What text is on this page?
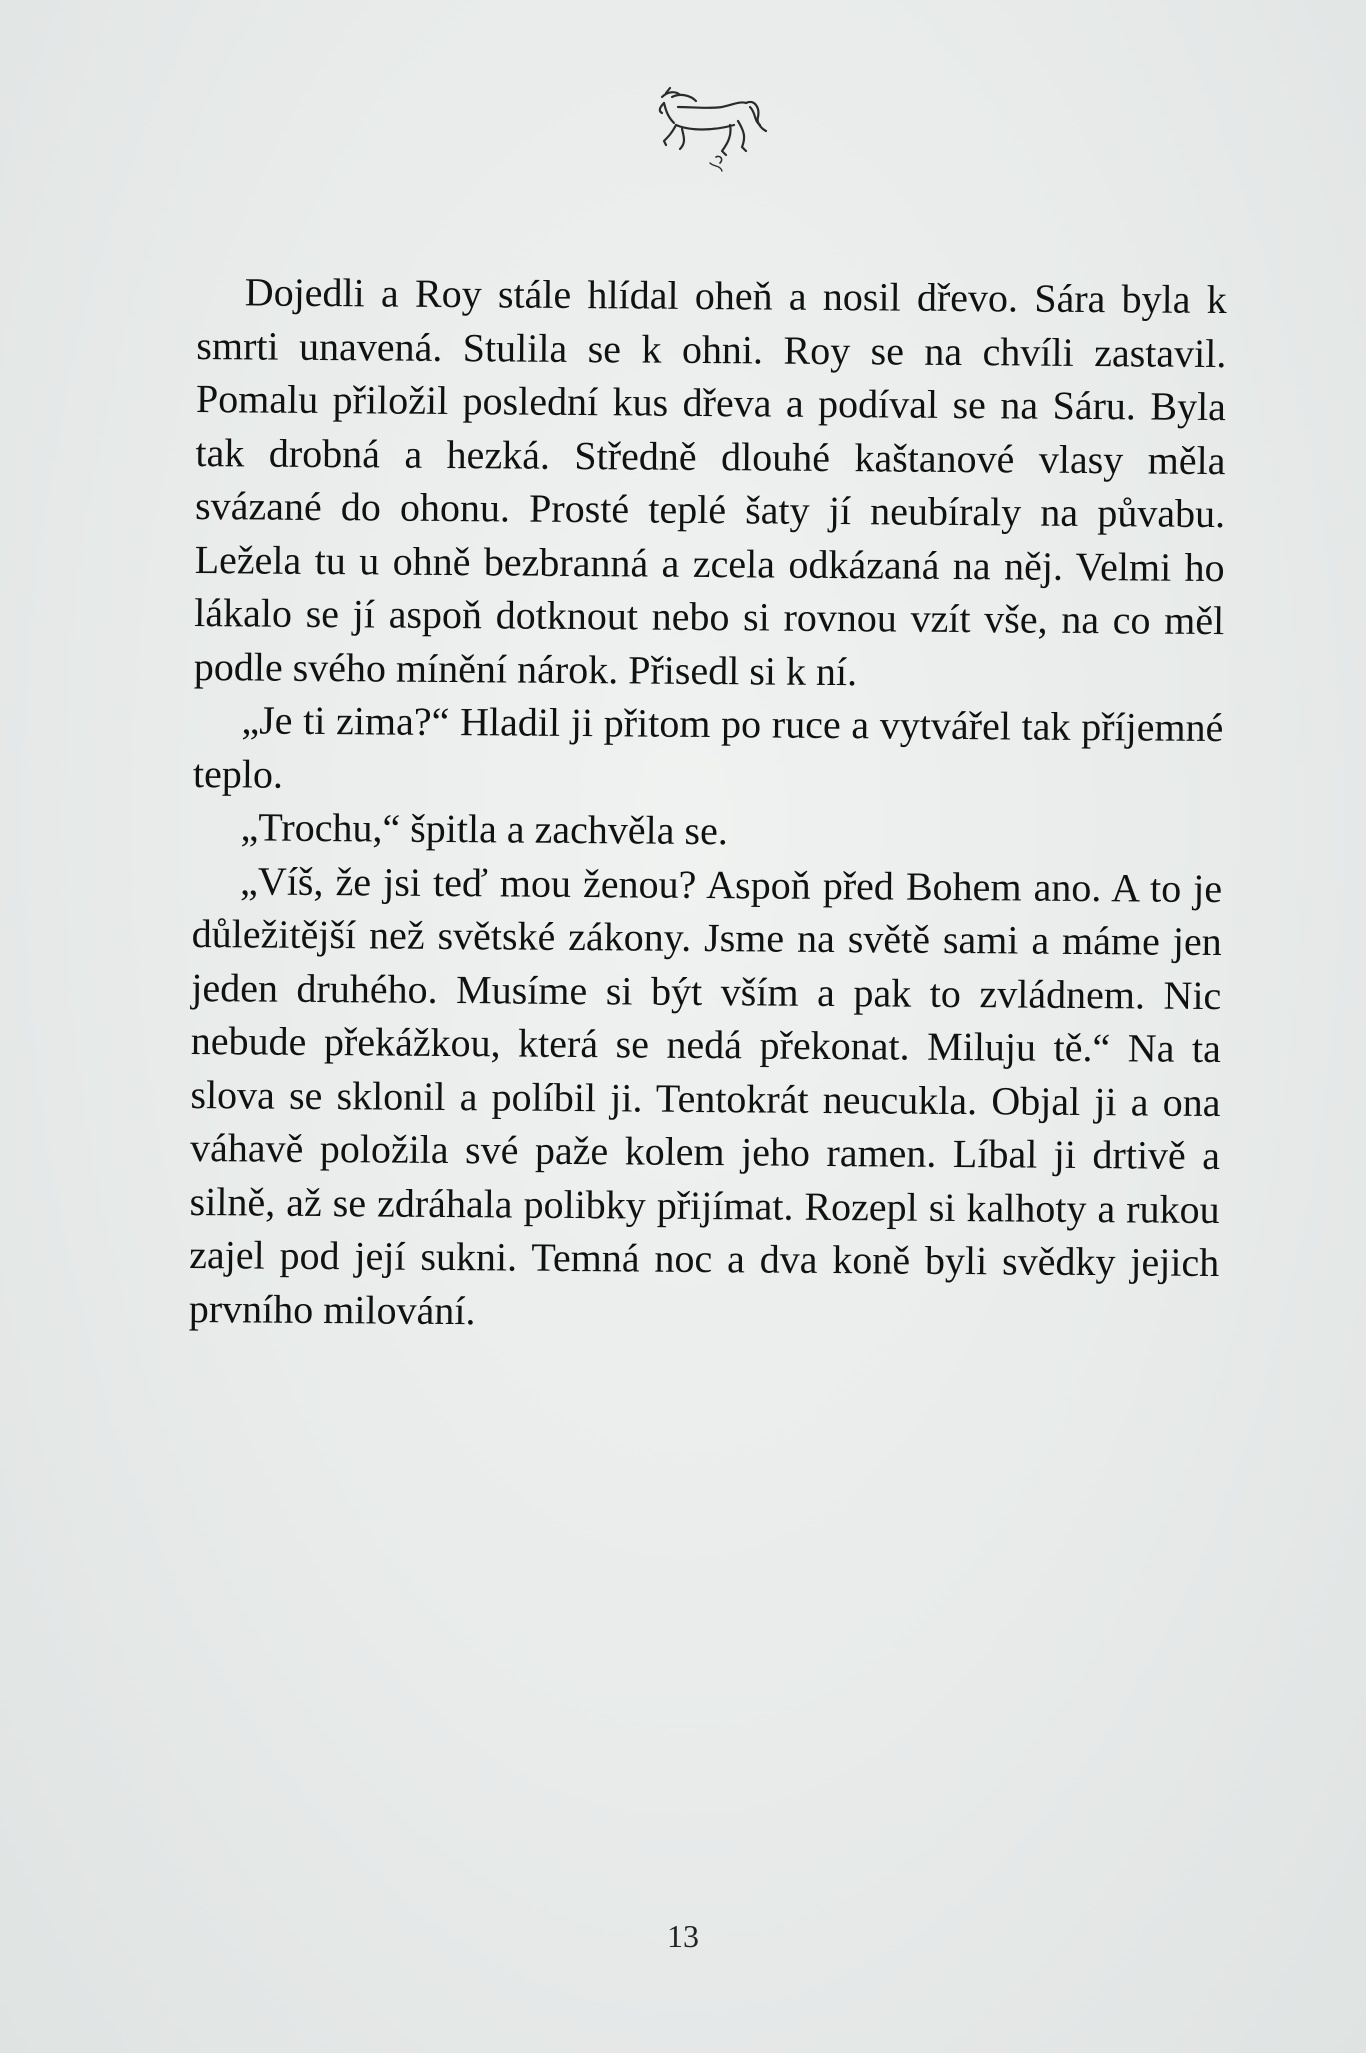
Dojedli a Roy stále hlídal oheň a nosil dřevo. Sára byla k smrti unavená. Stulila se k ohni. Roy se na chvíli zastavil. Pomalu přiložil poslední kus dřeva a podíval se na Sáru. Byla tak drobná a hezká. Středně dlouhé kaštanové vlasy měla svázané do ohonu. Prosté teplé šaty jí neubíraly na půvabu. Ležela tu u ohně bezbranná a zcela odkázaná na něj. Velmi ho lákalo se jí aspoň dotknout nebo si rovnou vzít vše, na co měl podle svého mínění nárok. Přisedl si k ní.

„Je ti zima?“ Hladil ji přitom po ruce a vytvářel tak příjemné teplo.

„Trochu,“ špitla a zachvěla se.

„Víš, že jsi teď mou ženou? Aspoň před Bohem ano. A to je důležitější než světské zákony. Jsme na světě sami a máme jen jeden druhého. Musíme si být vším a pak to zvládnem. Nic nebude překážkou, která se nedá překonat. Miluju tě.“ Na ta slova se sklonil a políbil ji. Tentokrát neucukla. Objal ji a ona váhavě položila své paže kolem jeho ramen. Líbal ji drtivě a silně, až se zdráhala polibky přijímat. Rozepl si kalhoty a rukou zajel pod její sukni. Temná noc a dva koně byli svědky jejich prvního milování.

13
